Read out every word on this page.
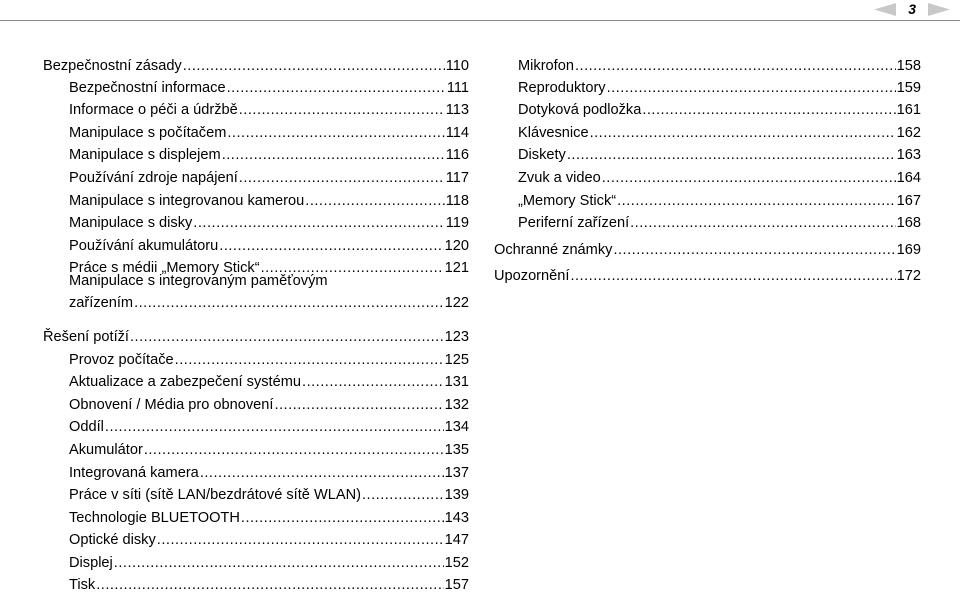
3
Bezpečnostní zásady .....	110
Bezpečnostní informace .....	111
Informace o péči a údržbě .....	113
Manipulace s počítačem .....	114
Manipulace s displejem .....	116
Používání zdroje napájení .....	117
Manipulace s integrovanou kamerou .....	118
Manipulace s disky .....	119
Používání akumulátoru .....	120
Práce s médii „Memory Stick“ .....	121
Manipulace s integrovaným paměťovým
zařízením .....	122
Řešení potíží .....	123
Provoz počítače .....	125
Aktualizace a zabezpečení systému .....	131
Obnovení / Média pro obnovení .....	132
Oddíl .....	134
Akumulátor .....	135
Integrovaná kamera .....	137
Práce v síti (sítě LAN/bezdrátové sítě WLAN) .....	139
Technologie BLUETOOTH .....	143
Optické disky .....	147
Displej .....	152
Tisk .....	157
Mikrofon .....	158
Reproduktory .....	159
Dotyková podložka .....	161
Klávesnice .....	162
Diskety .....	163
Zvuk a video .....	164
„Memory Stick“ .....	167
Periferní zařízení .....	168
Ochranné známky .....	169
Upozornění .....	172
